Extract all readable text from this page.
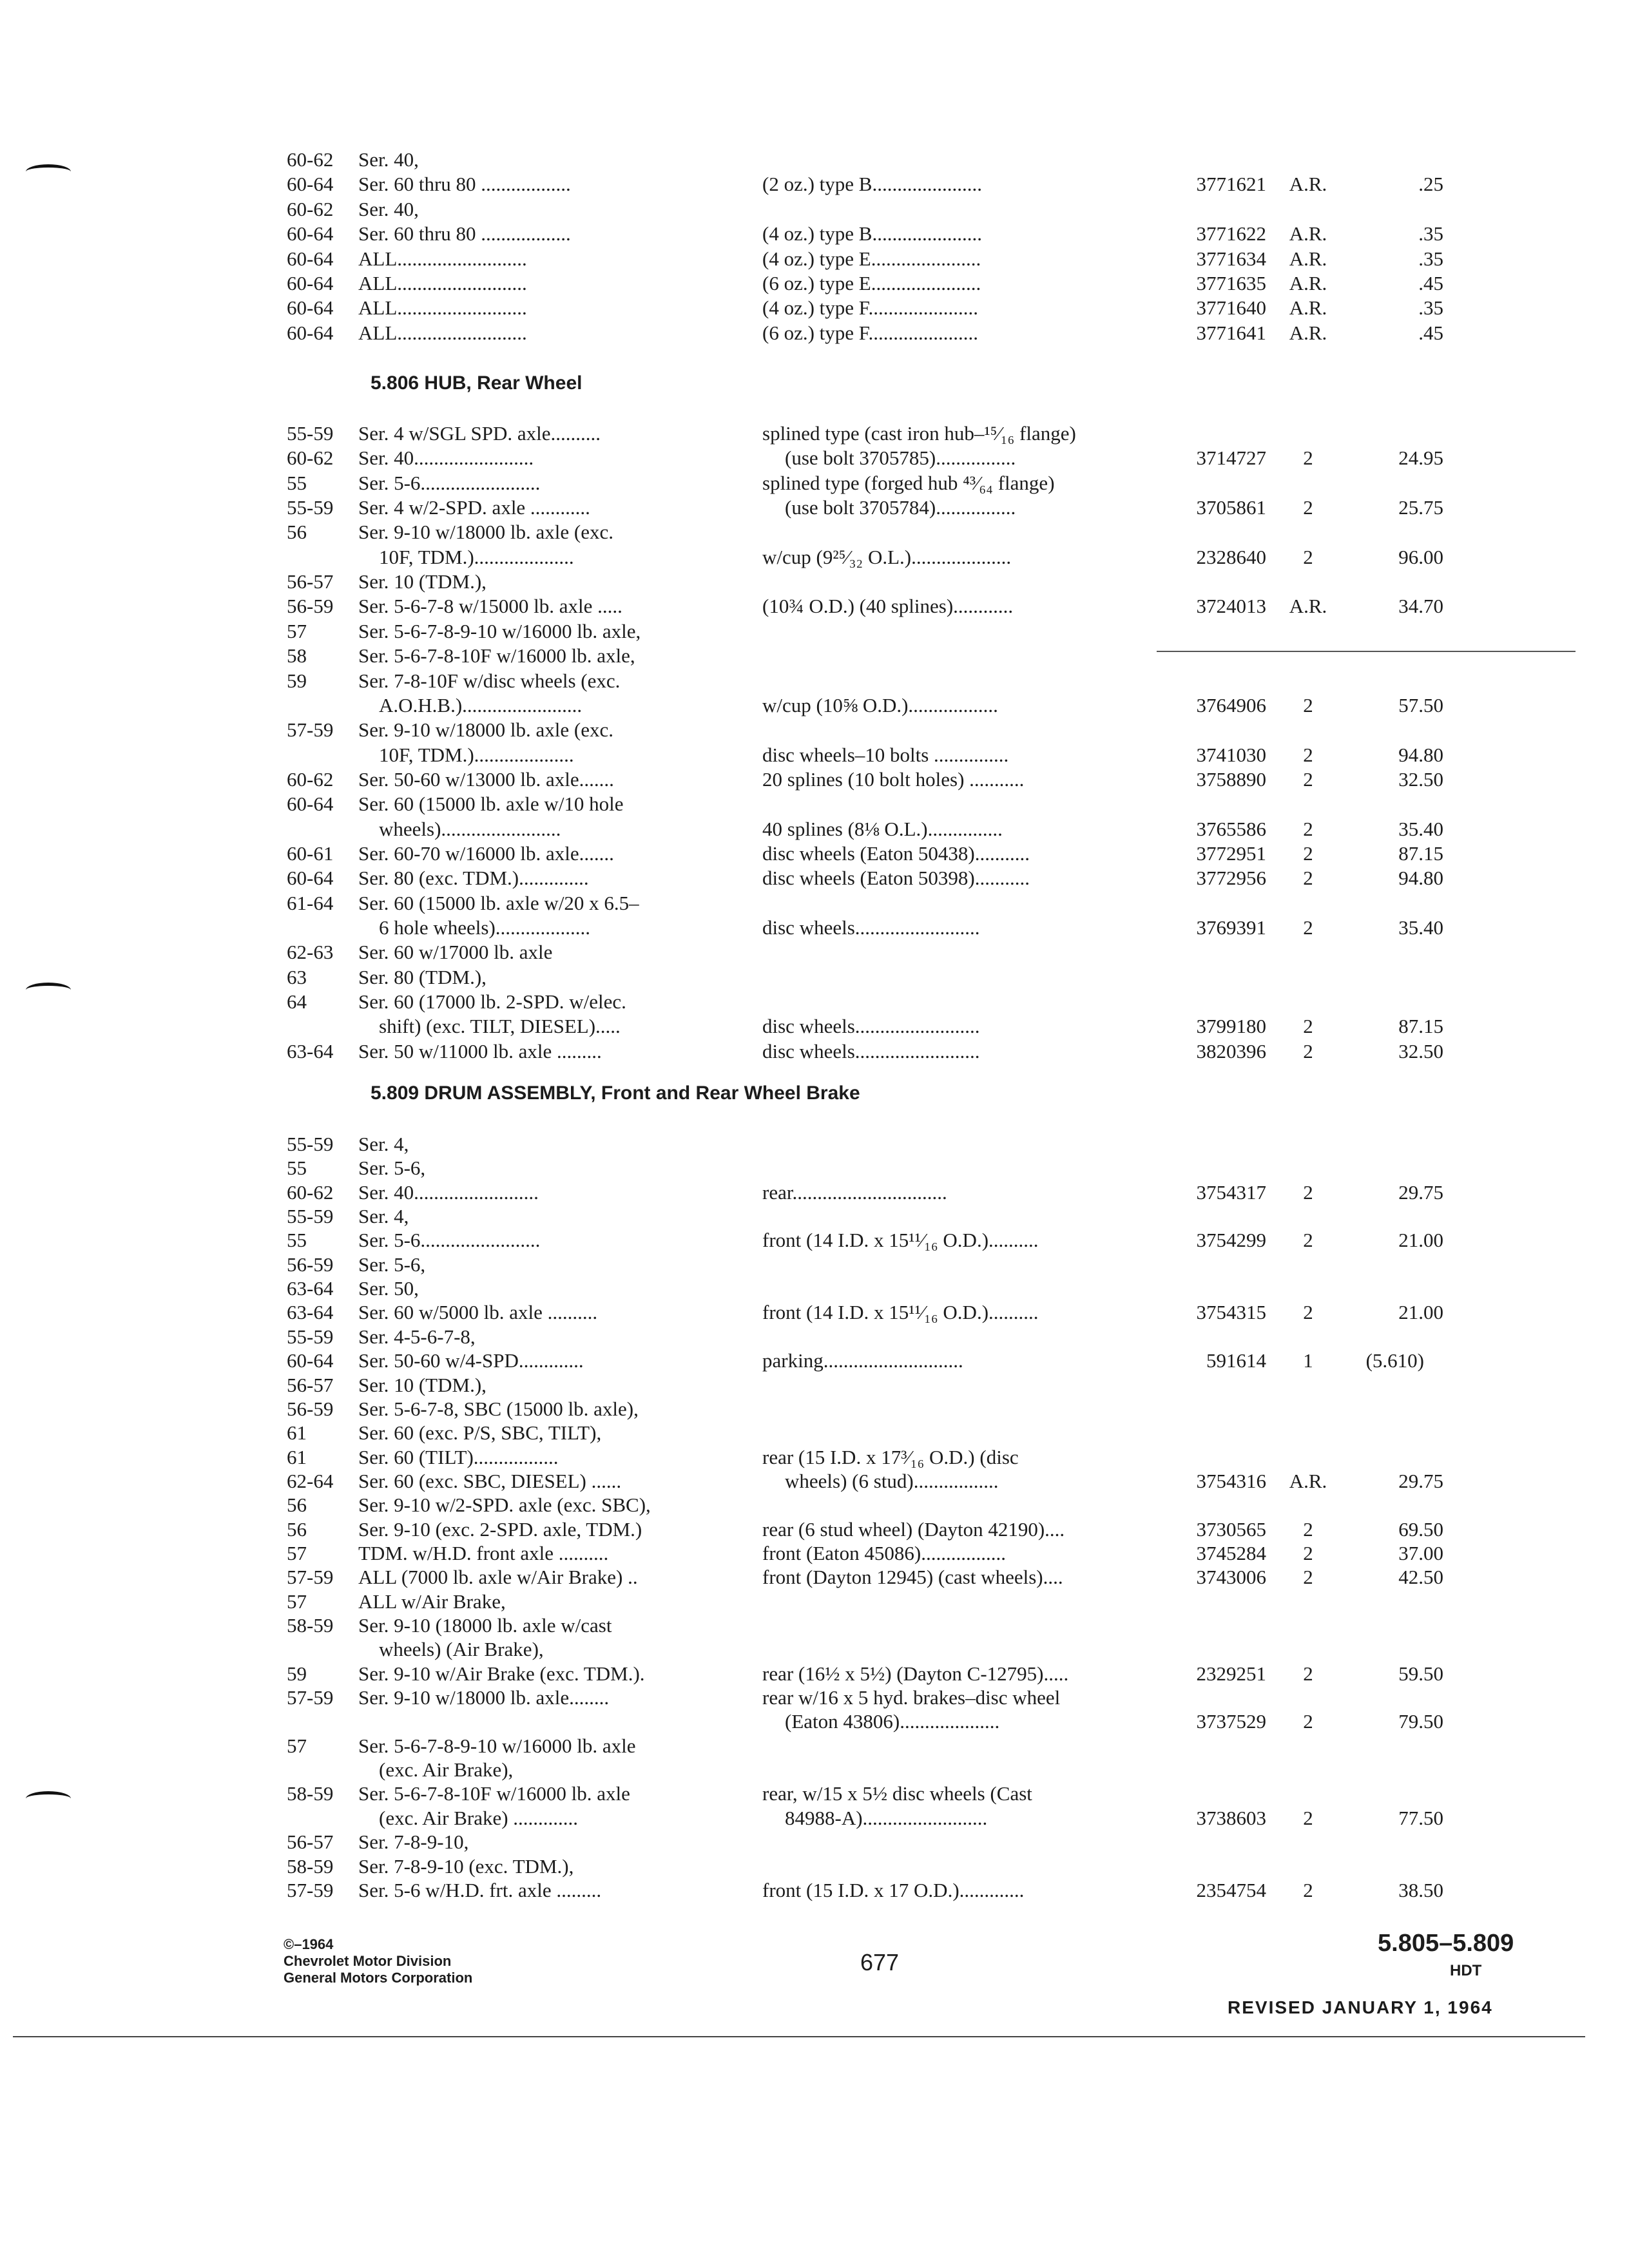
60-62 Ser. 40,
60-64 Ser. 60 thru 80 ..................	(2 oz.) type B......................	3771621	A.R.	.25
60-62 Ser. 40,
60-64 Ser. 60 thru 80 ..................	(4 oz.) type B......................	3771622	A.R.	.35
60-64 ALL..........................	(4 oz.) type E......................	3771634	A.R.	.35
60-64 ALL..........................	(6 oz.) type E......................	3771635	A.R.	.45
60-64 ALL..........................	(4 oz.) type F......................	3771640	A.R.	.35
60-64 ALL..........................	(6 oz.) type F......................	3771641	A.R.	.45
5.806 HUB, Rear Wheel
55-59 Ser. 4 w/SGL SPD. axle..........	splined type (cast iron hub–¹⁵⁄₁₆ flange)
60-62 Ser. 40........................	(use bolt 3705785)................	3714727	2	24.95
55	Ser. 5-6........................	splined type (forged hub ⁴³⁄₆₄ flange)
55-59 Ser. 4 w/2-SPD. axle ............	(use bolt 3705784)................	3705861	2	25.75
56	Ser. 9-10 w/18000 lb. axle (exc.
10F, TDM.)....................	w/cup (9²⁵⁄₃₂ O.L.)....................	2328640	2	96.00
56-57 Ser. 10 (TDM.),
56-59 Ser. 5-6-7-8 w/15000 lb. axle .....	(10¾ O.D.) (40 splines)............	3724013	A.R.	34.70
57	Ser. 5-6-7-8-9-10 w/16000 lb. axle,
58	Ser. 5-6-7-8-10F w/16000 lb. axle,
59	Ser. 7-8-10F w/disc wheels (exc.
A.O.H.B.)........................	w/cup (10⅝ O.D.)..................	3764906	2	57.50
57-59 Ser. 9-10 w/18000 lb. axle (exc.
10F, TDM.)....................	disc wheels–10 bolts ...............	3741030	2	94.80
60-62 Ser. 50-60 w/13000 lb. axle.......	20 splines (10 bolt holes) ...........	3758890	2	32.50
60-64 Ser. 60 (15000 lb. axle w/10 hole
wheels)........................	40 splines (8⅛ O.L.)...............	3765586	2	35.40
60-61 Ser. 60-70 w/16000 lb. axle.......	disc wheels (Eaton 50438)...........	3772951	2	87.15
60-64 Ser. 80 (exc. TDM.)..............	disc wheels (Eaton 50398)...........	3772956	2	94.80
61-64 Ser. 60 (15000 lb. axle w/20 x 6.5–
6 hole wheels)...................	disc wheels.........................	3769391	2	35.40
62-63 Ser. 60 w/17000 lb. axle
63	Ser. 80 (TDM.),
64	Ser. 60 (17000 lb. 2-SPD. w/elec.
shift) (exc. TILT, DIESEL).....	disc wheels.........................	3799180	2	87.15
63-64 Ser. 50 w/11000 lb. axle .........	disc wheels.........................	3820396	2	32.50
5.809 DRUM ASSEMBLY, Front and Rear Wheel Brake
55-59 Ser. 4,
55	Ser. 5-6,
60-62 Ser. 40.........................	rear...............................	3754317	2	29.75
55-59 Ser. 4,
55	Ser. 5-6........................	front (14 I.D. x 15¹¹⁄₁₆ O.D.)..........	3754299	2	21.00
56-59 Ser. 5-6,
63-64 Ser. 50,
63-64 Ser. 60 w/5000 lb. axle ..........	front (14 I.D. x 15¹¹⁄₁₆ O.D.)..........	3754315	2	21.00
55-59 Ser. 4-5-6-7-8,
60-64 Ser. 50-60 w/4-SPD.............	parking............................	591614	1	(5.610)
56-57 Ser. 10 (TDM.),
56-59 Ser. 5-6-7-8, SBC (15000 lb. axle),
61	Ser. 60 (exc. P/S, SBC, TILT),
61	Ser. 60 (TILT).................	rear (15 I.D. x 17³⁄₁₆ O.D.) (disc
62-64 Ser. 60 (exc. SBC, DIESEL) ......	wheels) (6 stud).................	3754316	A.R.	29.75
56	Ser. 9-10 w/2-SPD. axle (exc. SBC),
56	Ser. 9-10 (exc. 2-SPD. axle, TDM.)	rear (6 stud wheel) (Dayton 42190)....	3730565	2	69.50
57	TDM. w/H.D. front axle ..........	front (Eaton 45086).................	3745284	2	37.00
57-59 ALL (7000 lb. axle w/Air Brake) ..	front (Dayton 12945) (cast wheels)....	3743006	2	42.50
57	ALL w/Air Brake,
58-59 Ser. 9-10 (18000 lb. axle w/cast
wheels) (Air Brake),
59	Ser. 9-10 w/Air Brake (exc. TDM.).	rear (16½ x 5½) (Dayton C-12795).....	2329251	2	59.50
57-59 Ser. 9-10 w/18000 lb. axle........	rear w/16 x 5 hyd. brakes–disc wheel
(Eaton 43806)....................	3737529	2	79.50
57	Ser. 5-6-7-8-9-10 w/16000 lb. axle
(exc. Air Brake),
58-59 Ser. 5-6-7-8-10F w/16000 lb. axle	rear, w/15 x 5½ disc wheels (Cast
(exc. Air Brake) .............	84988-A).........................	3738603	2	77.50
56-57 Ser. 7-8-9-10,
58-59 Ser. 7-8-9-10 (exc. TDM.),
57-59 Ser. 5-6 w/H.D. frt. axle .........	front (15 I.D. x 17 O.D.).............	2354754	2	38.50
©–1964
Chevrolet Motor Division
General Motors Corporation
677
5.805–5.809
HDT
REVISED JANUARY 1, 1964
